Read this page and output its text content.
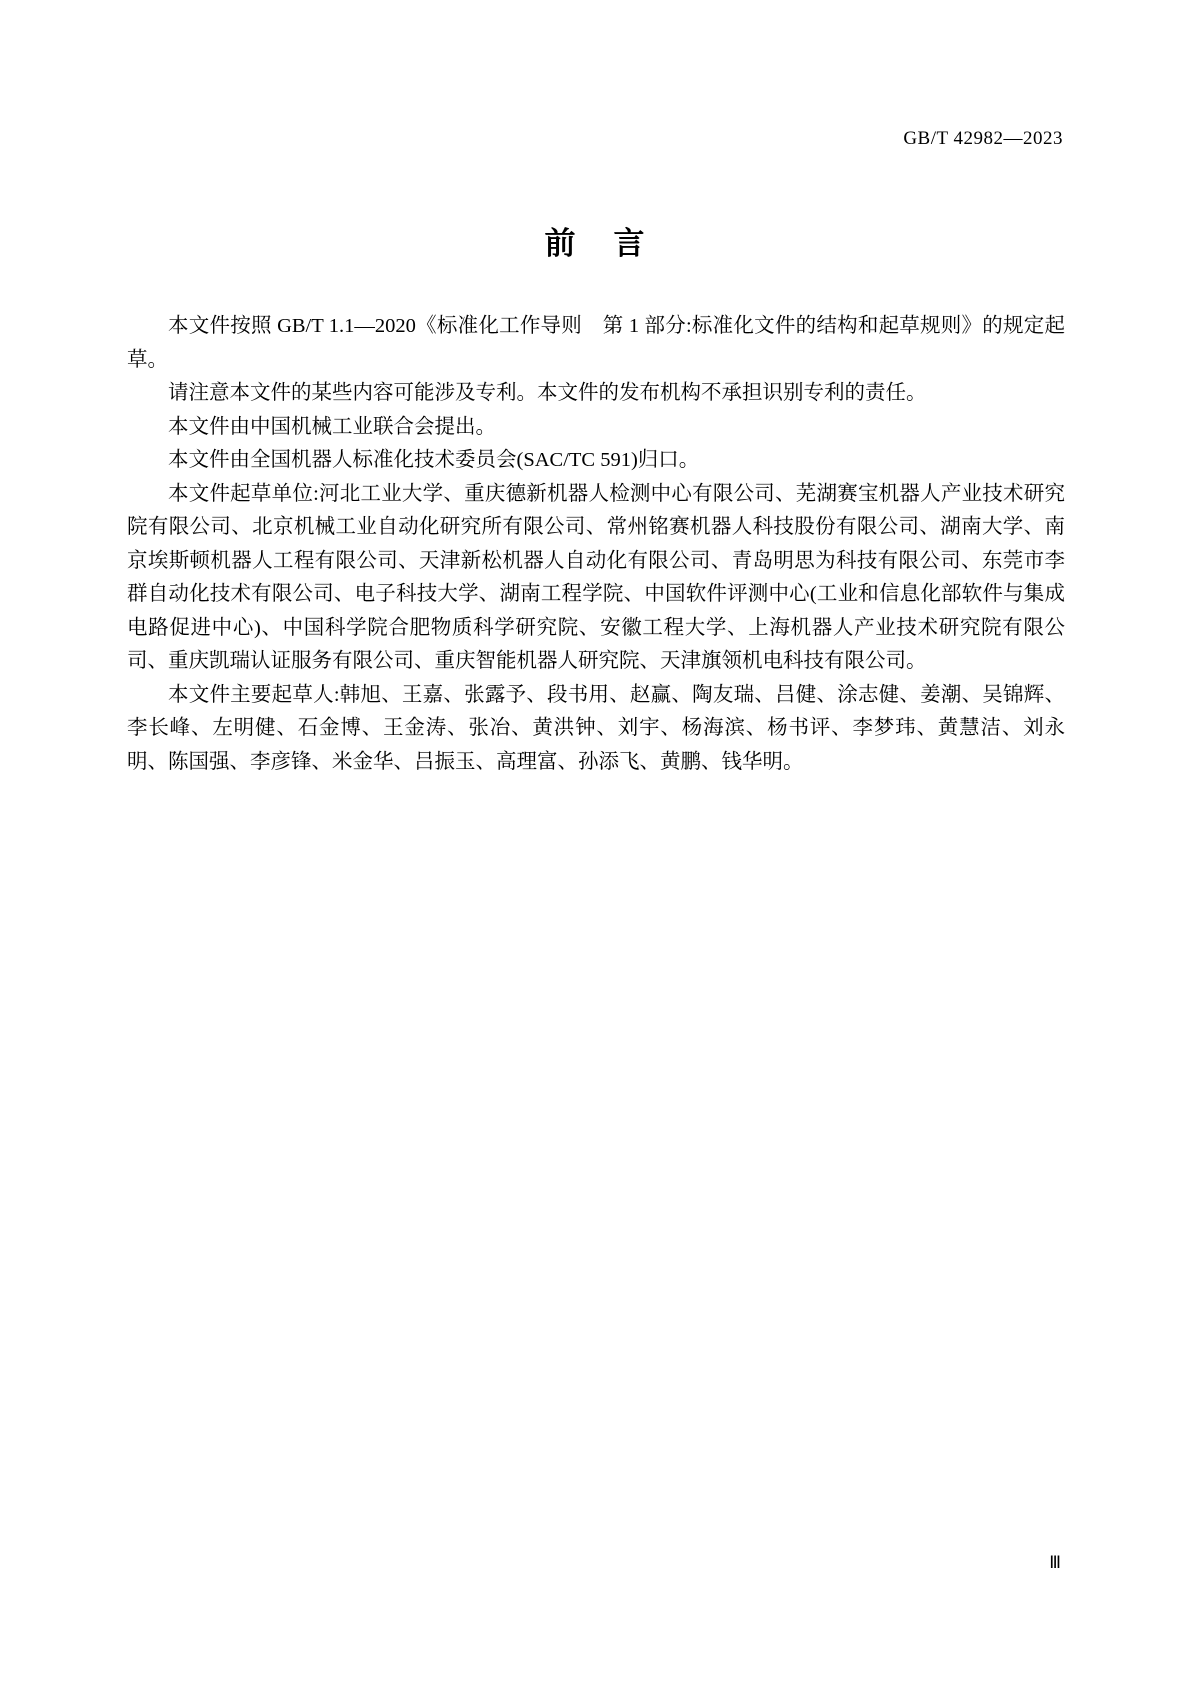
GB/T 42982—2023
前 言

本文件按照 GB/T 1.1—2020《标准化工作导则　第 1 部分:标准化文件的结构和起草规则》的规定起草。

请注意本文件的某些内容可能涉及专利。本文件的发布机构不承担识别专利的责任。

本文件由中国机械工业联合会提出。

本文件由全国机器人标准化技术委员会(SAC/TC 591)归口。

本文件起草单位:河北工业大学、重庆德新机器人检测中心有限公司、芜湖赛宝机器人产业技术研究院有限公司、北京机械工业自动化研究所有限公司、常州铭赛机器人科技股份有限公司、湖南大学、南京埃斯顿机器人工程有限公司、天津新松机器人自动化有限公司、青岛明思为科技有限公司、东莞市李群自动化技术有限公司、电子科技大学、湖南工程学院、中国软件评测中心(工业和信息化部软件与集成电路促进中心)、中国科学院合肥物质科学研究院、安徽工程大学、上海机器人产业技术研究院有限公司、重庆凯瑞认证服务有限公司、重庆智能机器人研究院、天津旗领机电科技有限公司。

本文件主要起草人:韩旭、王嘉、张露予、段书用、赵赢、陶友瑞、吕健、涂志健、姜潮、吴锦辉、李长峰、左明健、石金博、王金涛、张冶、黄洪钟、刘宇、杨海滨、杨书评、李梦玮、黄慧洁、刘永明、陈国强、李彦锋、米金华、吕振玉、高理富、孙添飞、黄鹏、钱华明。

Ⅲ
